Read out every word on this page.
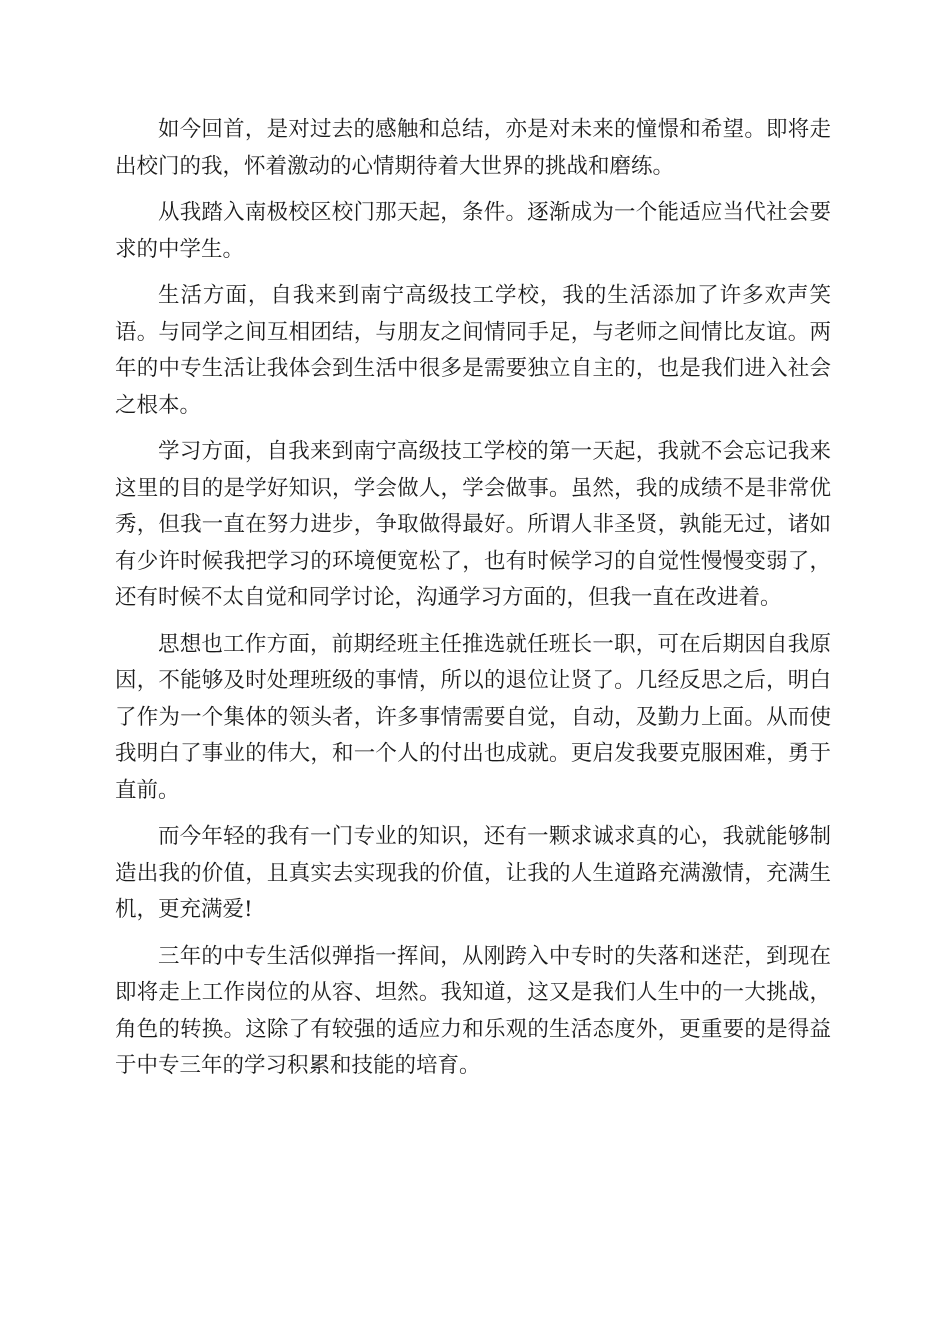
如今回首，是对过去的感触和总结，亦是对未来的憧憬和希望。即将走出校门的我，怀着激动的心情期待着大世界的挑战和磨练。

从我踏入南极校区校门那天起，条件。逐渐成为一个能适应当代社会要求的中学生。

生活方面，自我来到南宁高级技工学校，我的生活添加了许多欢声笑语。与同学之间互相团结，与朋友之间情同手足，与老师之间情比友谊。两年的中专生活让我体会到生活中很多是需要独立自主的，也是我们进入社会之根本。

学习方面，自我来到南宁高级技工学校的第一天起，我就不会忘记我来这里的目的是学好知识，学会做人，学会做事。虽然，我的成绩不是非常优秀，但我一直在努力进步，争取做得最好。所谓人非圣贤，孰能无过，诸如有少许时候我把学习的环境便宽松了，也有时候学习的自觉性慢慢变弱了，还有时候不太自觉和同学讨论，沟通学习方面的，但我一直在改进着。

思想也工作方面，前期经班主任推选就任班长一职，可在后期因自我原因，不能够及时处理班级的事情，所以的退位让贤了。几经反思之后，明白了作为一个集体的领头者，许多事情需要自觉，自动，及勤力上面。从而使我明白了事业的伟大，和一个人的付出也成就。更启发我要克服困难，勇于直前。

而今年轻的我有一门专业的知识，还有一颗求诚求真的心，我就能够制造出我的价值，且真实去实现我的价值，让我的人生道路充满激情，充满生机，更充满爱!

三年的中专生活似弹指一挥间，从刚跨入中专时的失落和迷茫，到现在即将走上工作岗位的从容、坦然。我知道，这又是我们人生中的一大挑战，角色的转换。这除了有较强的适应力和乐观的生活态度外，更重要的是得益于中专三年的学习积累和技能的培育。
